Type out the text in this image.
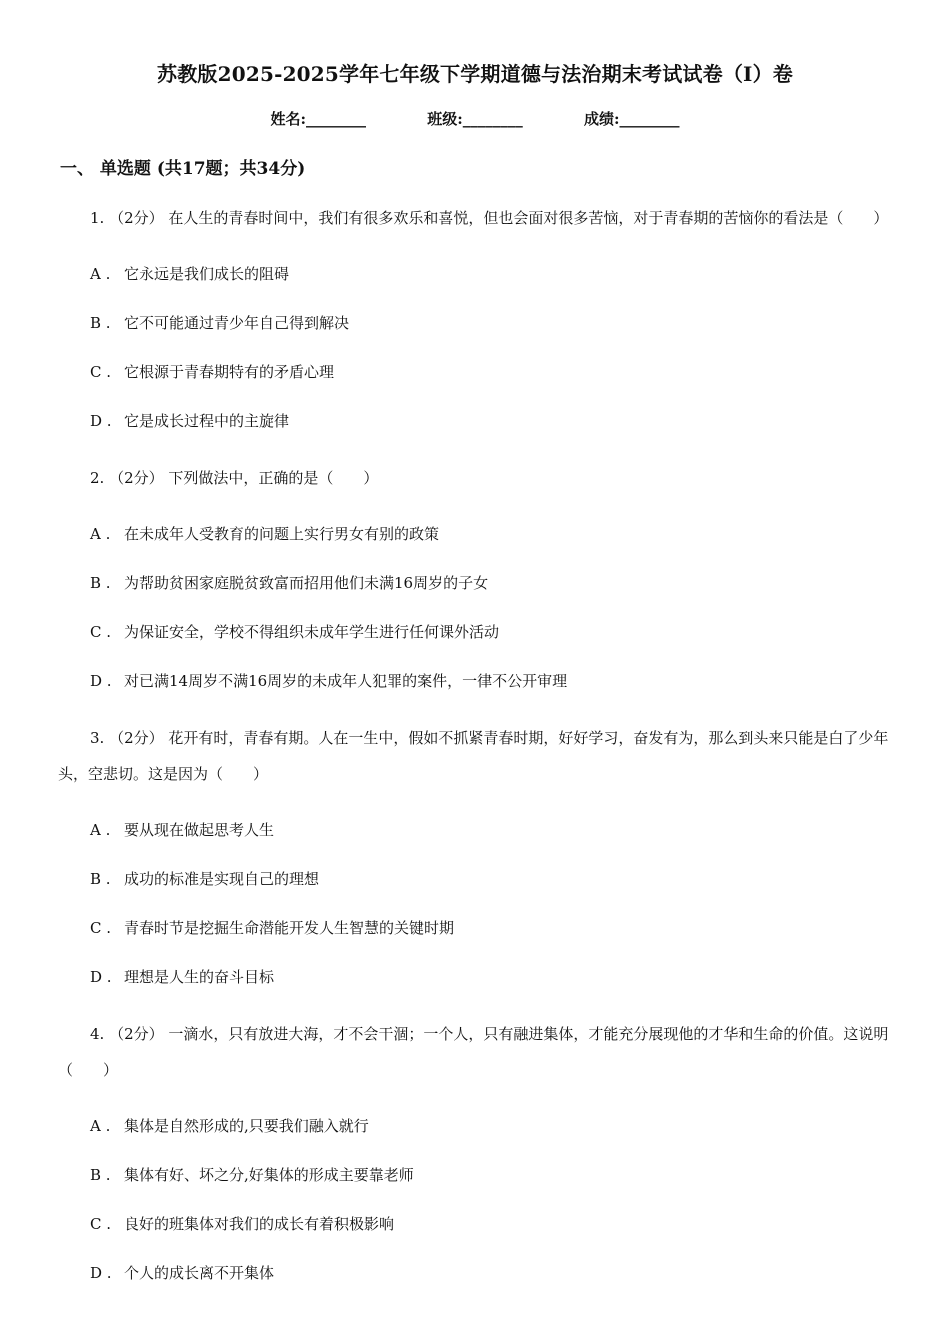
苏教版2025-2025学年七年级下学期道德与法治期末考试试卷（I）卷
姓名:________	班级:________	成绩:________
一、 单选题 (共17题；共34分)

1. （2分） 在人生的青春时间中，我们有很多欢乐和喜悦，但也会面对很多苦恼，对于青春期的苦恼你的看法是（　　）

A . 它永远是我们成长的阻碍

B . 它不可能通过青少年自己得到解决

C . 它根源于青春期特有的矛盾心理

D . 它是成长过程中的主旋律

2. （2分） 下列做法中，正确的是（　　）

A . 在未成年人受教育的问题上实行男女有别的政策

B . 为帮助贫困家庭脱贫致富而招用他们未满16周岁的子女

C . 为保证安全，学校不得组织未成年学生进行任何课外活动

D . 对已满14周岁不满16周岁的未成年人犯罪的案件，一律不公开审理

3. （2分） 花开有时，青春有期。人在一生中，假如不抓紧青春时期，好好学习，奋发有为，那么到头来只能是白了少年头，空悲切。这是因为（　　）

A . 要从现在做起思考人生

B . 成功的标准是实现自己的理想

C . 青春时节是挖掘生命潜能开发人生智慧的关键时期

D . 理想是人生的奋斗目标

4. （2分） 一滴水，只有放进大海，才不会干涸；一个人，只有融进集体，才能充分展现他的才华和生命的价值。这说明（　　）

A . 集体是自然形成的,只要我们融入就行

B . 集体有好、坏之分,好集体的形成主要靠老师

C . 良好的班集体对我们的成长有着积极影响

D . 个人的成长离不开集体
